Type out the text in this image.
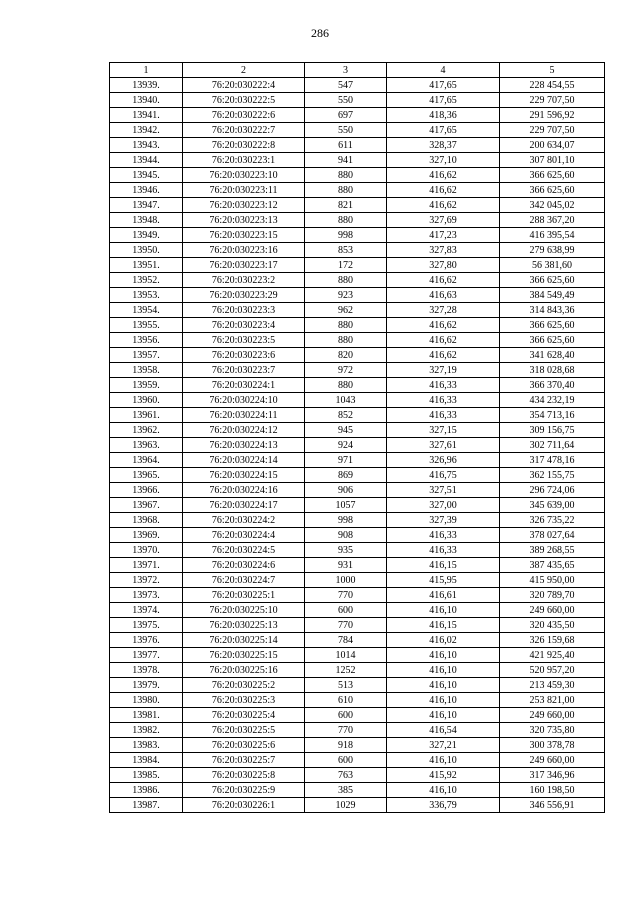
286
1	2	3	4	5
13939.	76:20:030222:4	547	417,65	228 454,55
13940.	76:20:030222:5	550	417,65	229 707,50
13941.	76:20:030222:6	697	418,36	291 596,92
13942.	76:20:030222:7	550	417,65	229 707,50
13943.	76:20:030222:8	611	328,37	200 634,07
13944.	76:20:030223:1	941	327,10	307 801,10
13945.	76:20:030223:10	880	416,62	366 625,60
13946.	76:20:030223:11	880	416,62	366 625,60
13947.	76:20:030223:12	821	416,62	342 045,02
13948.	76:20:030223:13	880	327,69	288 367,20
13949.	76:20:030223:15	998	417,23	416 395,54
13950.	76:20:030223:16	853	327,83	279 638,99
13951.	76:20:030223:17	172	327,80	56 381,60
13952.	76:20:030223:2	880	416,62	366 625,60
13953.	76:20:030223:29	923	416,63	384 549,49
13954.	76:20:030223:3	962	327,28	314 843,36
13955.	76:20:030223:4	880	416,62	366 625,60
13956.	76:20:030223:5	880	416,62	366 625,60
13957.	76:20:030223:6	820	416,62	341 628,40
13958.	76:20:030223:7	972	327,19	318 028,68
13959.	76:20:030224:1	880	416,33	366 370,40
13960.	76:20:030224:10	1043	416,33	434 232,19
13961.	76:20:030224:11	852	416,33	354 713,16
13962.	76:20:030224:12	945	327,15	309 156,75
13963.	76:20:030224:13	924	327,61	302 711,64
13964.	76:20:030224:14	971	326,96	317 478,16
13965.	76:20:030224:15	869	416,75	362 155,75
13966.	76:20:030224:16	906	327,51	296 724,06
13967.	76:20:030224:17	1057	327,00	345 639,00
13968.	76:20:030224:2	998	327,39	326 735,22
13969.	76:20:030224:4	908	416,33	378 027,64
13970.	76:20:030224:5	935	416,33	389 268,55
13971.	76:20:030224:6	931	416,15	387 435,65
13972.	76:20:030224:7	1000	415,95	415 950,00
13973.	76:20:030225:1	770	416,61	320 789,70
13974.	76:20:030225:10	600	416,10	249 660,00
13975.	76:20:030225:13	770	416,15	320 435,50
13976.	76:20:030225:14	784	416,02	326 159,68
13977.	76:20:030225:15	1014	416,10	421 925,40
13978.	76:20:030225:16	1252	416,10	520 957,20
13979.	76:20:030225:2	513	416,10	213 459,30
13980.	76:20:030225:3	610	416,10	253 821,00
13981.	76:20:030225:4	600	416,10	249 660,00
13982.	76:20:030225:5	770	416,54	320 735,80
13983.	76:20:030225:6	918	327,21	300 378,78
13984.	76:20:030225:7	600	416,10	249 660,00
13985.	76:20:030225:8	763	415,92	317 346,96
13986.	76:20:030225:9	385	416,10	160 198,50
13987.	76:20:030226:1	1029	336,79	346 556,91
